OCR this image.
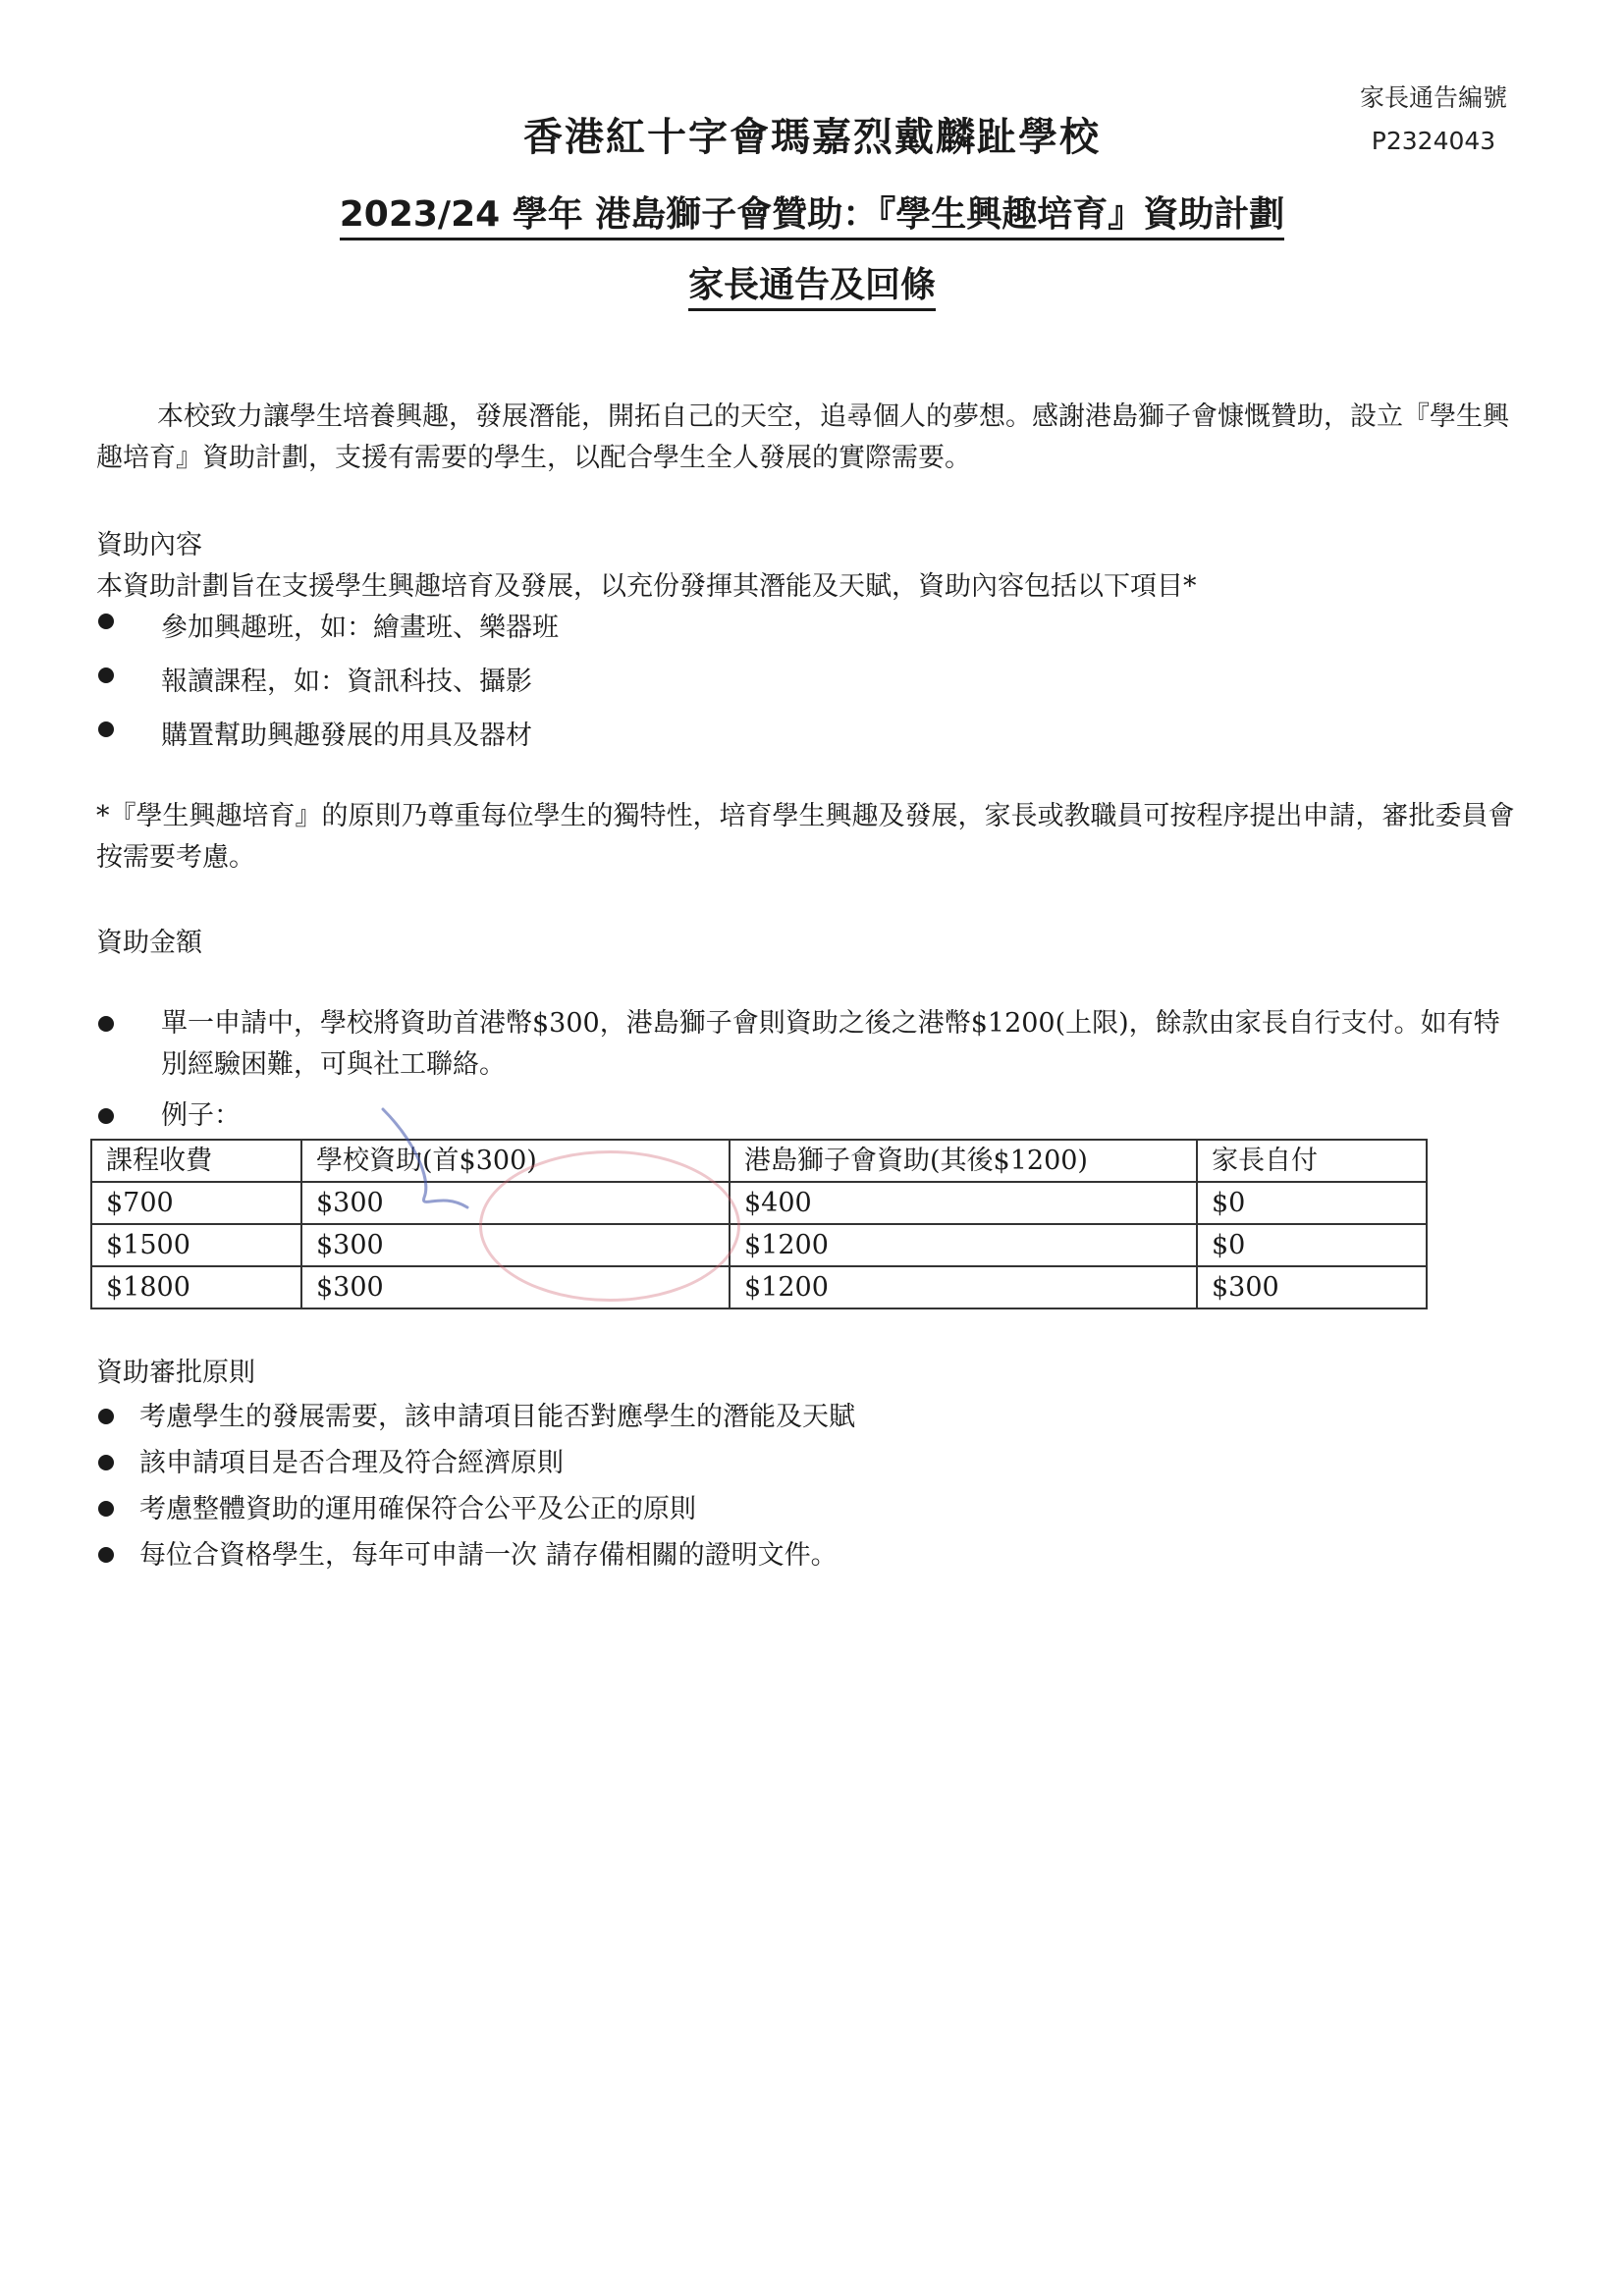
家長通告編號
P2324043
香港紅十字會瑪嘉烈戴麟趾學校
2023/24 學年 港島獅子會贊助：『學生興趣培育』資助計劃
家長通告及回條
本校致力讓學生培養興趣，發展潛能，開拓自己的天空，追尋個人的夢想。感謝港島獅子會慷慨贊助，設立『學生興趣培育』資助計劃，支援有需要的學生，以配合學生全人發展的實際需要。
資助內容
本資助計劃旨在支援學生興趣培育及發展，以充份發揮其潛能及天賦，資助內容包括以下項目*
參加興趣班，如：繪畫班、樂器班
報讀課程，如：資訊科技、攝影
購置幫助興趣發展的用具及器材
*『學生興趣培育』的原則乃尊重每位學生的獨特性，培育學生興趣及發展，家長或教職員可按程序提出申請，審批委員會按需要考慮。
資助金額
單一申請中，學校將資助首港幣$300，港島獅子會則資助之後之港幣$1200(上限)，餘款由家長自行支付。如有特別經驗困難，可與社工聯絡。
例子：
課程收費	學校資助(首$300)	港島獅子會資助(其後$1200)	家長自付
$700	$300	$400	$0
$1500	$300	$1200	$0
$1800	$300	$1200	$300
資助審批原則
考慮學生的發展需要，該申請項目能否對應學生的潛能及天賦
該申請項目是否合理及符合經濟原則
考慮整體資助的運用確保符合公平及公正的原則
每位合資格學生，每年可申請一次 請存備相關的證明文件。
